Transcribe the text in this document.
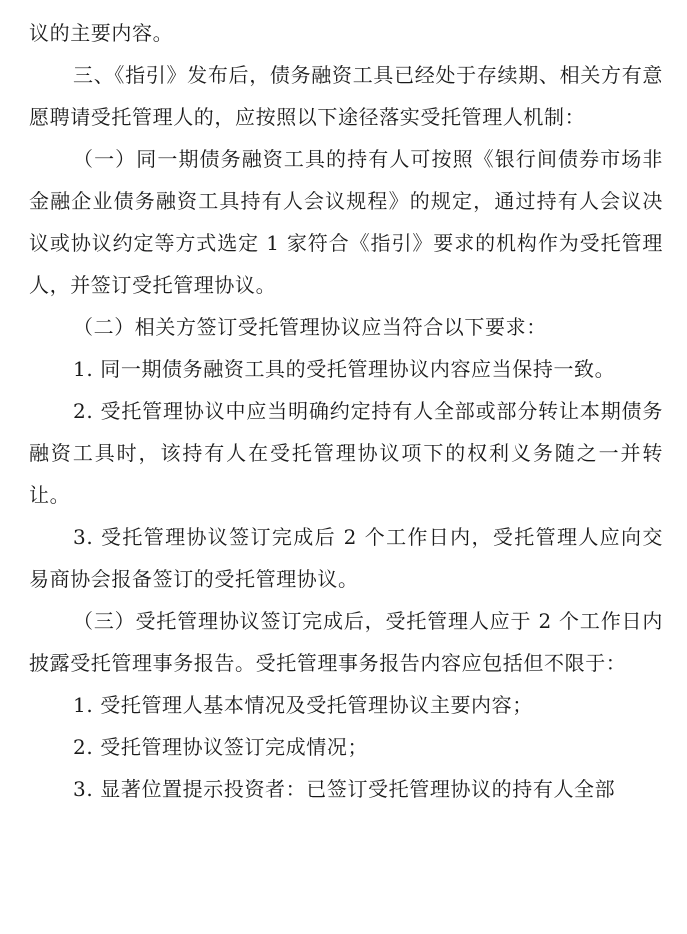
议的主要内容。

三、《指引》发布后，债务融资工具已经处于存续期、相关方有意愿聘请受托管理人的，应按照以下途径落实受托管理人机制：

（一）同一期债务融资工具的持有人可按照《银行间债券市场非金融企业债务融资工具持有人会议规程》的规定，通过持有人会议决议或协议约定等方式选定 1 家符合《指引》要求的机构作为受托管理人，并签订受托管理协议。

（二）相关方签订受托管理协议应当符合以下要求：

1. 同一期债务融资工具的受托管理协议内容应当保持一致。

2. 受托管理协议中应当明确约定持有人全部或部分转让本期债务融资工具时，该持有人在受托管理协议项下的权利义务随之一并转让。

3. 受托管理协议签订完成后 2 个工作日内，受托管理人应向交易商协会报备签订的受托管理协议。

（三）受托管理协议签订完成后，受托管理人应于 2 个工作日内披露受托管理事务报告。受托管理事务报告内容应包括但不限于：

1. 受托管理人基本情况及受托管理协议主要内容；

2. 受托管理协议签订完成情况；

3. 显著位置提示投资者：已签订受托管理协议的持有人全部
